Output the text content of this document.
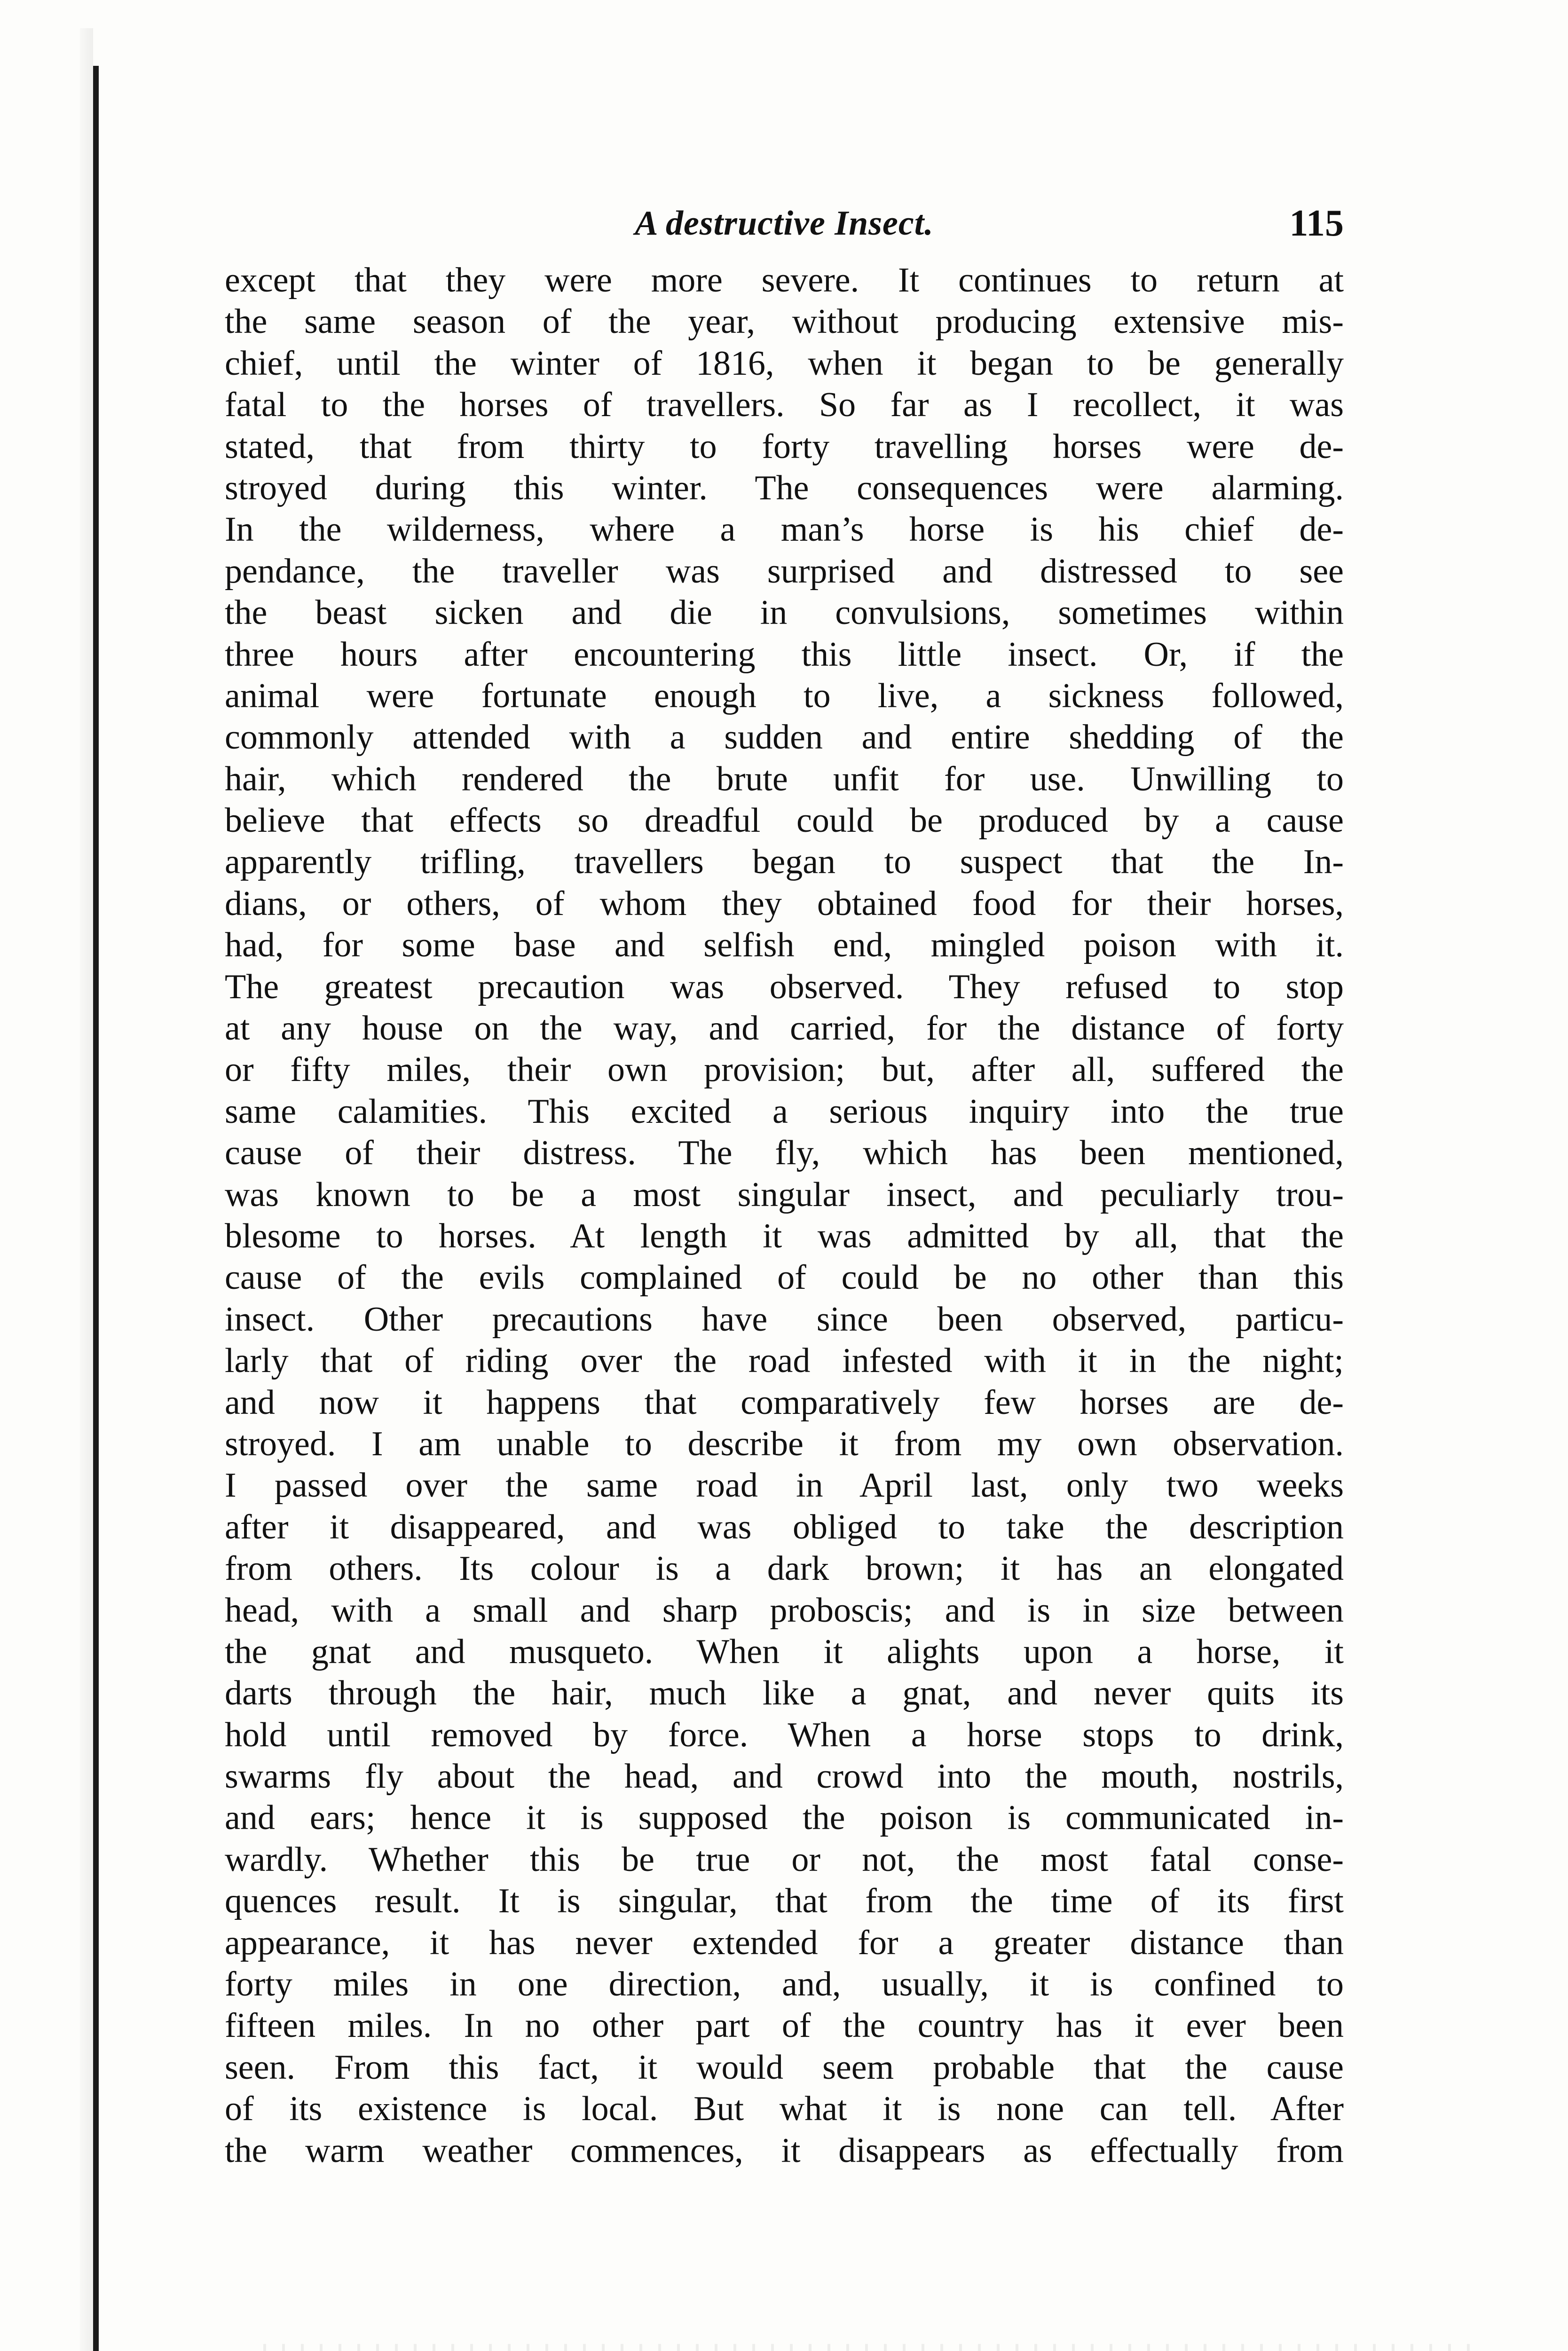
A destructive Insect.	115
except that they were more severe. It continues to return at
the same season of the year, without producing extensive mis-
chief, until the winter of 1816, when it began to be generally
fatal to the horses of travellers. So far as I recollect, it was
stated, that from thirty to forty travelling horses were de-
stroyed during this winter. The consequences were alarming.
In the wilderness, where a man’s horse is his chief de-
pendance, the traveller was surprised and distressed to see
the beast sicken and die in convulsions, sometimes within
three hours after encountering this little insect. Or, if the
animal were fortunate enough to live, a sickness followed,
commonly attended with a sudden and entire shedding of the
hair, which rendered the brute unfit for use. Unwilling to
believe that effects so dreadful could be produced by a cause
apparently trifling, travellers began to suspect that the In-
dians, or others, of whom they obtained food for their horses,
had, for some base and selfish end, mingled poison with it.
The greatest precaution was observed. They refused to stop
at any house on the way, and carried, for the distance of forty
or fifty miles, their own provision; but, after all, suffered the
same calamities. This excited a serious inquiry into the true
cause of their distress. The fly, which has been mentioned,
was known to be a most singular insect, and peculiarly trou-
blesome to horses. At length it was admitted by all, that the
cause of the evils complained of could be no other than this
insect. Other precautions have since been observed, particu-
larly that of riding over the road infested with it in the night;
and now it happens that comparatively few horses are de-
stroyed. I am unable to describe it from my own observation.
I passed over the same road in April last, only two weeks
after it disappeared, and was obliged to take the description
from others. Its colour is a dark brown; it has an elongated
head, with a small and sharp proboscis; and is in size between
the gnat and musqueto. When it alights upon a horse, it
darts through the hair, much like a gnat, and never quits its
hold until removed by force. When a horse stops to drink,
swarms fly about the head, and crowd into the mouth, nostrils,
and ears; hence it is supposed the poison is communicated in-
wardly. Whether this be true or not, the most fatal conse-
quences result. It is singular, that from the time of its first
appearance, it has never extended for a greater distance than
forty miles in one direction, and, usually, it is confined to
fifteen miles. In no other part of the country has it ever been
seen. From this fact, it would seem probable that the cause
of its existence is local. But what it is none can tell. After
the warm weather commences, it disappears as effectually from
